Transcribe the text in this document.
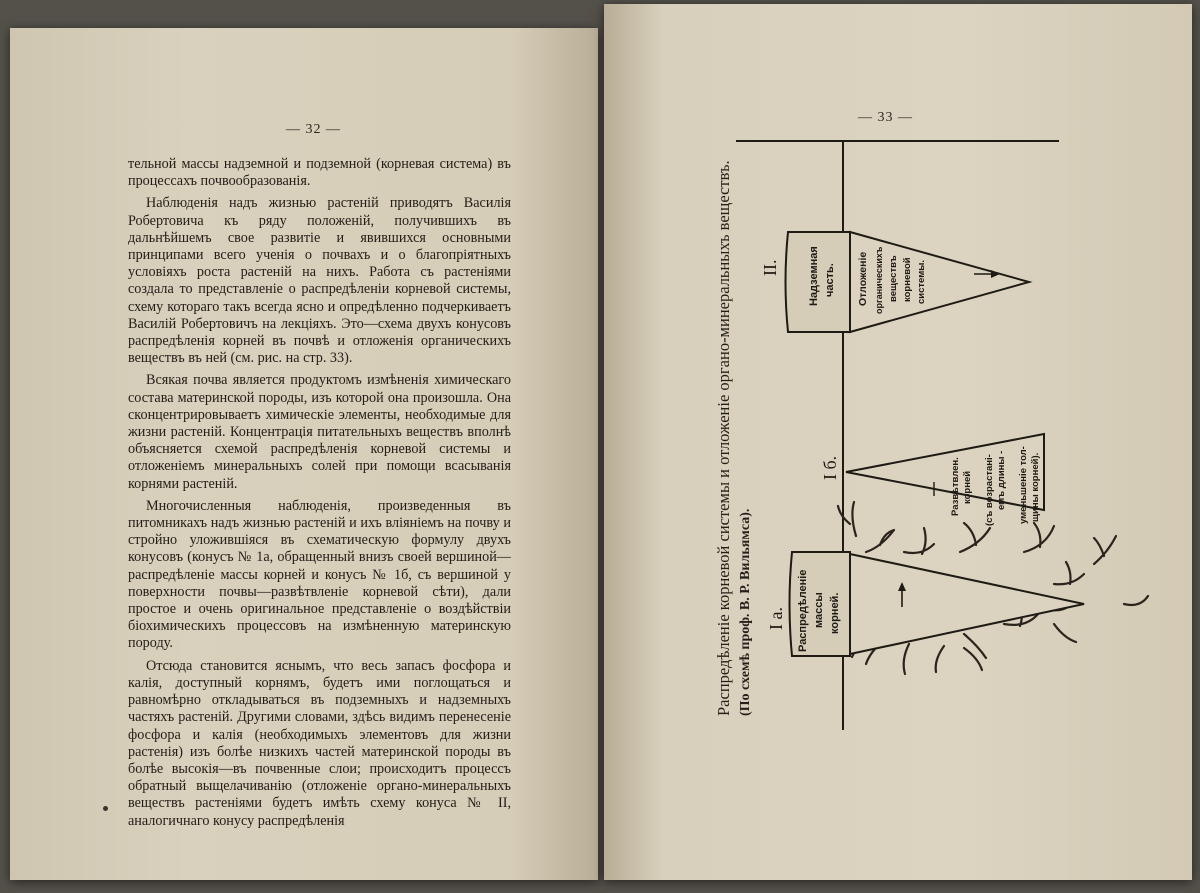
— 32 —

тельной массы надземной и подземной (корневая система) въ процессахъ почвообразованія.

Наблюденія надъ жизнью растеній приводятъ Василія Робертовича къ ряду положеній, получившихъ въ дальнѣйшемъ свое развитіе и явившихся основными принципами всего ученія о почвахъ и о благопріятныхъ условіяхъ роста растеній на нихъ. Работа съ растеніями создала то представленіе о распредѣленіи корневой системы, схему котораго такъ всегда ясно и опредѣленно подчеркиваетъ Василій Робертовичъ на лекціяхъ. Это—схема двухъ конусовъ распредѣленія корней въ почвѣ и отложенія органическихъ веществъ въ ней (см. рис. на стр. 33).

Всякая почва является продуктомъ измѣненія химическаго состава материнской породы, изъ которой она произошла. Она сконцентрировываетъ химическіе элементы, необходимые для жизни растеній. Концентрація питательныхъ веществъ вполнѣ объясняется схемой распредѣленія корневой системы и отложеніемъ минеральныхъ солей при помощи всасыванія корнями растеній.

Многочисленныя наблюденія, произведенныя въ питомникахъ надъ жизнью растеній и ихъ вліяніемъ на почву и стройно уложившіяся въ схематическую формулу двухъ конусовъ (конусъ № 1а, обращенный внизъ своей вершиной—распредѣленіе массы корней и конусъ № 1б, съ вершиной у поверхности почвы—развѣтвленіе корневой сѣти), дали простое и очень оригинальное представленіе о воздѣйствіи біохимическихъ процессовъ на измѣненную материнскую породу.

Отсюда становится яснымъ, что весь запасъ фосфора и калія, доступный корнямъ, будетъ ими поглощаться и равномѣрно откладываться въ подземныхъ и надземныхъ частяхъ растеній. Другими словами, здѣсь видимъ перенесеніе фосфора и калія (необходимыхъ элементовъ для жизни растенія) изъ болѣе низкихъ частей материнской породы въ болѣе высокія—въ почвенные слои; происходитъ процессъ обратный выщелачиванію (отложеніе органо-минеральныхъ веществъ растеніями будетъ имѣть схему конуса № II, аналогичнаго конусу распредѣленія

— 33 —
Распредѣленіе корневой системы и отложеніе органо-минеральныхъ веществъ. (По схемѣ проф. В. Р. Вильямса). I а.
I б.
II.
Распредѣленіе массы корней.
Развѣтвлен. корней (съ возрастані- емъ длины - уменьшеніе тол- щины корней).
Надземная часть. Отложеніе органическихъ веществъ корневой системы.
